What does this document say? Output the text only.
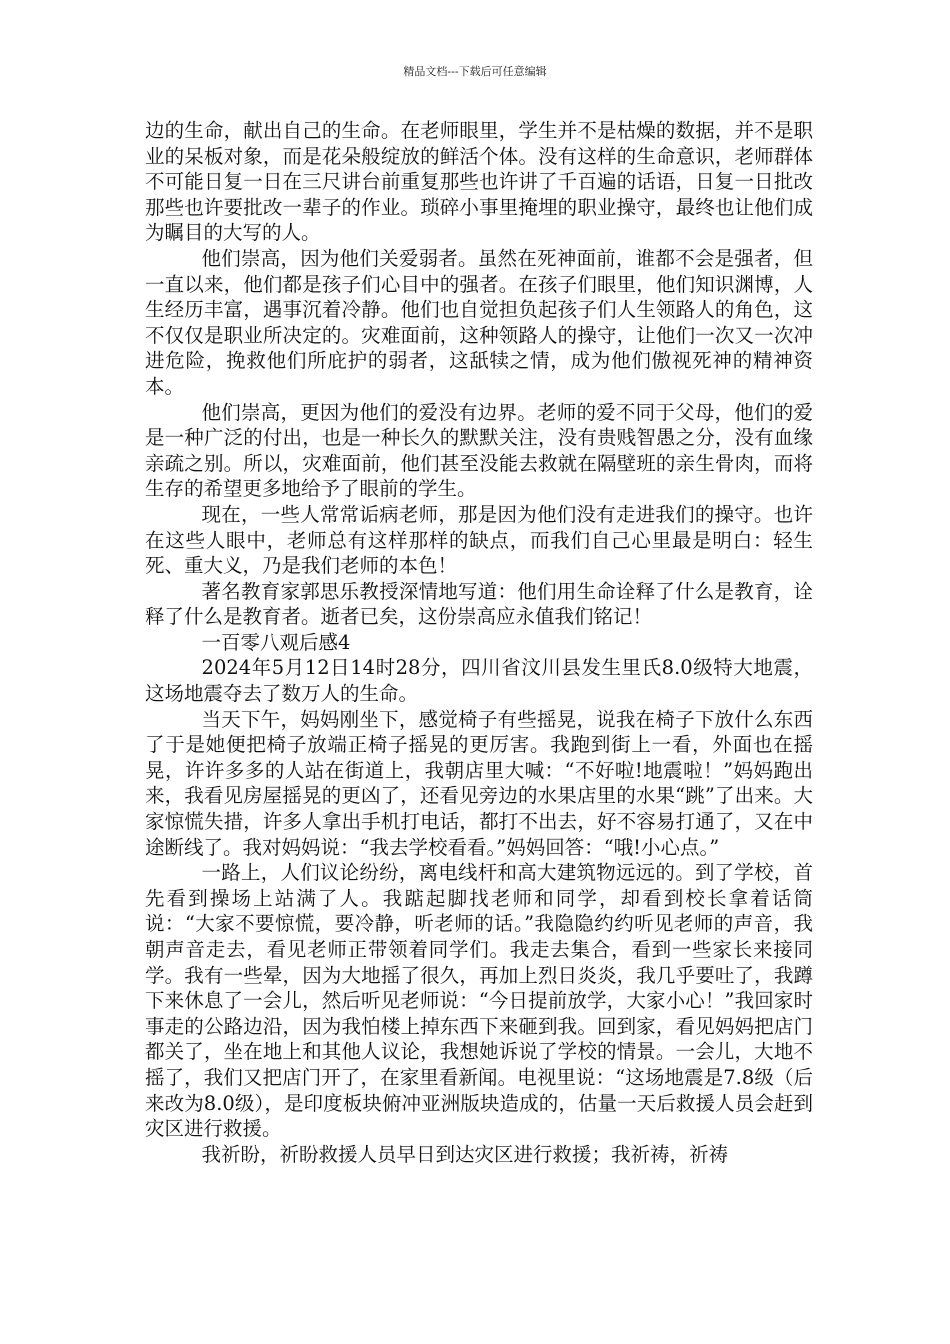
精品文档---下载后可任意编辑

边的生命，献出自己的生命。在老师眼里，学生并不是枯燥的数据，并不是职业的呆板对象，而是花朵般绽放的鲜活个体。没有这样的生命意识，老师群体不可能日复一日在三尺讲台前重复那些也许讲了千百遍的话语，日复一日批改那些也许要批改一辈子的作业。琐碎小事里掩埋的职业操守，最终也让他们成为瞩目的大写的人。

他们崇高，因为他们关爱弱者。虽然在死神面前，谁都不会是强者，但一直以来，他们都是孩子们心目中的强者。在孩子们眼里，他们知识渊博，人生经历丰富，遇事沉着冷静。他们也自觉担负起孩子们人生领路人的角色，这不仅仅是职业所决定的。灾难面前，这种领路人的操守，让他们一次又一次冲进危险，挽救他们所庇护的弱者，这舐犊之情，成为他们傲视死神的精神资本。

他们崇高，更因为他们的爱没有边界。老师的爱不同于父母，他们的爱是一种广泛的付出，也是一种长久的默默关注，没有贵贱智愚之分，没有血缘亲疏之别。所以，灾难面前，他们甚至没能去救就在隔壁班的亲生骨肉，而将生存的希望更多地给予了眼前的学生。

现在，一些人常常诟病老师，那是因为他们没有走进我们的操守。也许在这些人眼中，老师总有这样那样的缺点，而我们自己心里最是明白：轻生死、重大义，乃是我们老师的本色！

著名教育家郭思乐教授深情地写道：他们用生命诠释了什么是教育，诠释了什么是教育者。逝者已矣，这份崇高应永值我们铭记！

一百零八观后感4

2024年5月12日14时28分，四川省汶川县发生里氏8.0级特大地震，这场地震夺去了数万人的生命。

当天下午，妈妈刚坐下，感觉椅子有些摇晃，说我在椅子下放什么东西了于是她便把椅子放端正椅子摇晃的更厉害。我跑到街上一看，外面也在摇晃，许许多多的人站在街道上，我朝店里大喊：“不好啦!地震啦！”妈妈跑出来，我看见房屋摇晃的更凶了，还看见旁边的水果店里的水果“跳”了出来。大家惊慌失措，许多人拿出手机打电话，都打不出去，好不容易打通了，又在中途断线了。我对妈妈说：“我去学校看看。”妈妈回答：“哦!小心点。”

一路上，人们议论纷纷，离电线杆和高大建筑物远远的。到了学校，首先看到操场上站满了人。我踮起脚找老师和同学，却看到校长拿着话筒说：“大家不要惊慌，要冷静，听老师的话。”我隐隐约约听见老师的声音，我朝声音走去，看见老师正带领着同学们。我走去集合，看到一些家长来接同学。我有一些晕，因为大地摇了很久，再加上烈日炎炎，我几乎要吐了，我蹲下来休息了一会儿，然后听见老师说：“今日提前放学，大家小心！”我回家时事走的公路边沿，因为我怕楼上掉东西下来砸到我。回到家，看见妈妈把店门都关了，坐在地上和其他人议论，我想她诉说了学校的情景。一会儿，大地不摇了，我们又把店门开了，在家里看新闻。电视里说：“这场地震是7.8级（后来改为8.0级），是印度板块俯冲亚洲版块造成的，估量一天后救援人员会赶到灾区进行救援。

我祈盼，祈盼救援人员早日到达灾区进行救援；我祈祷，祈祷
